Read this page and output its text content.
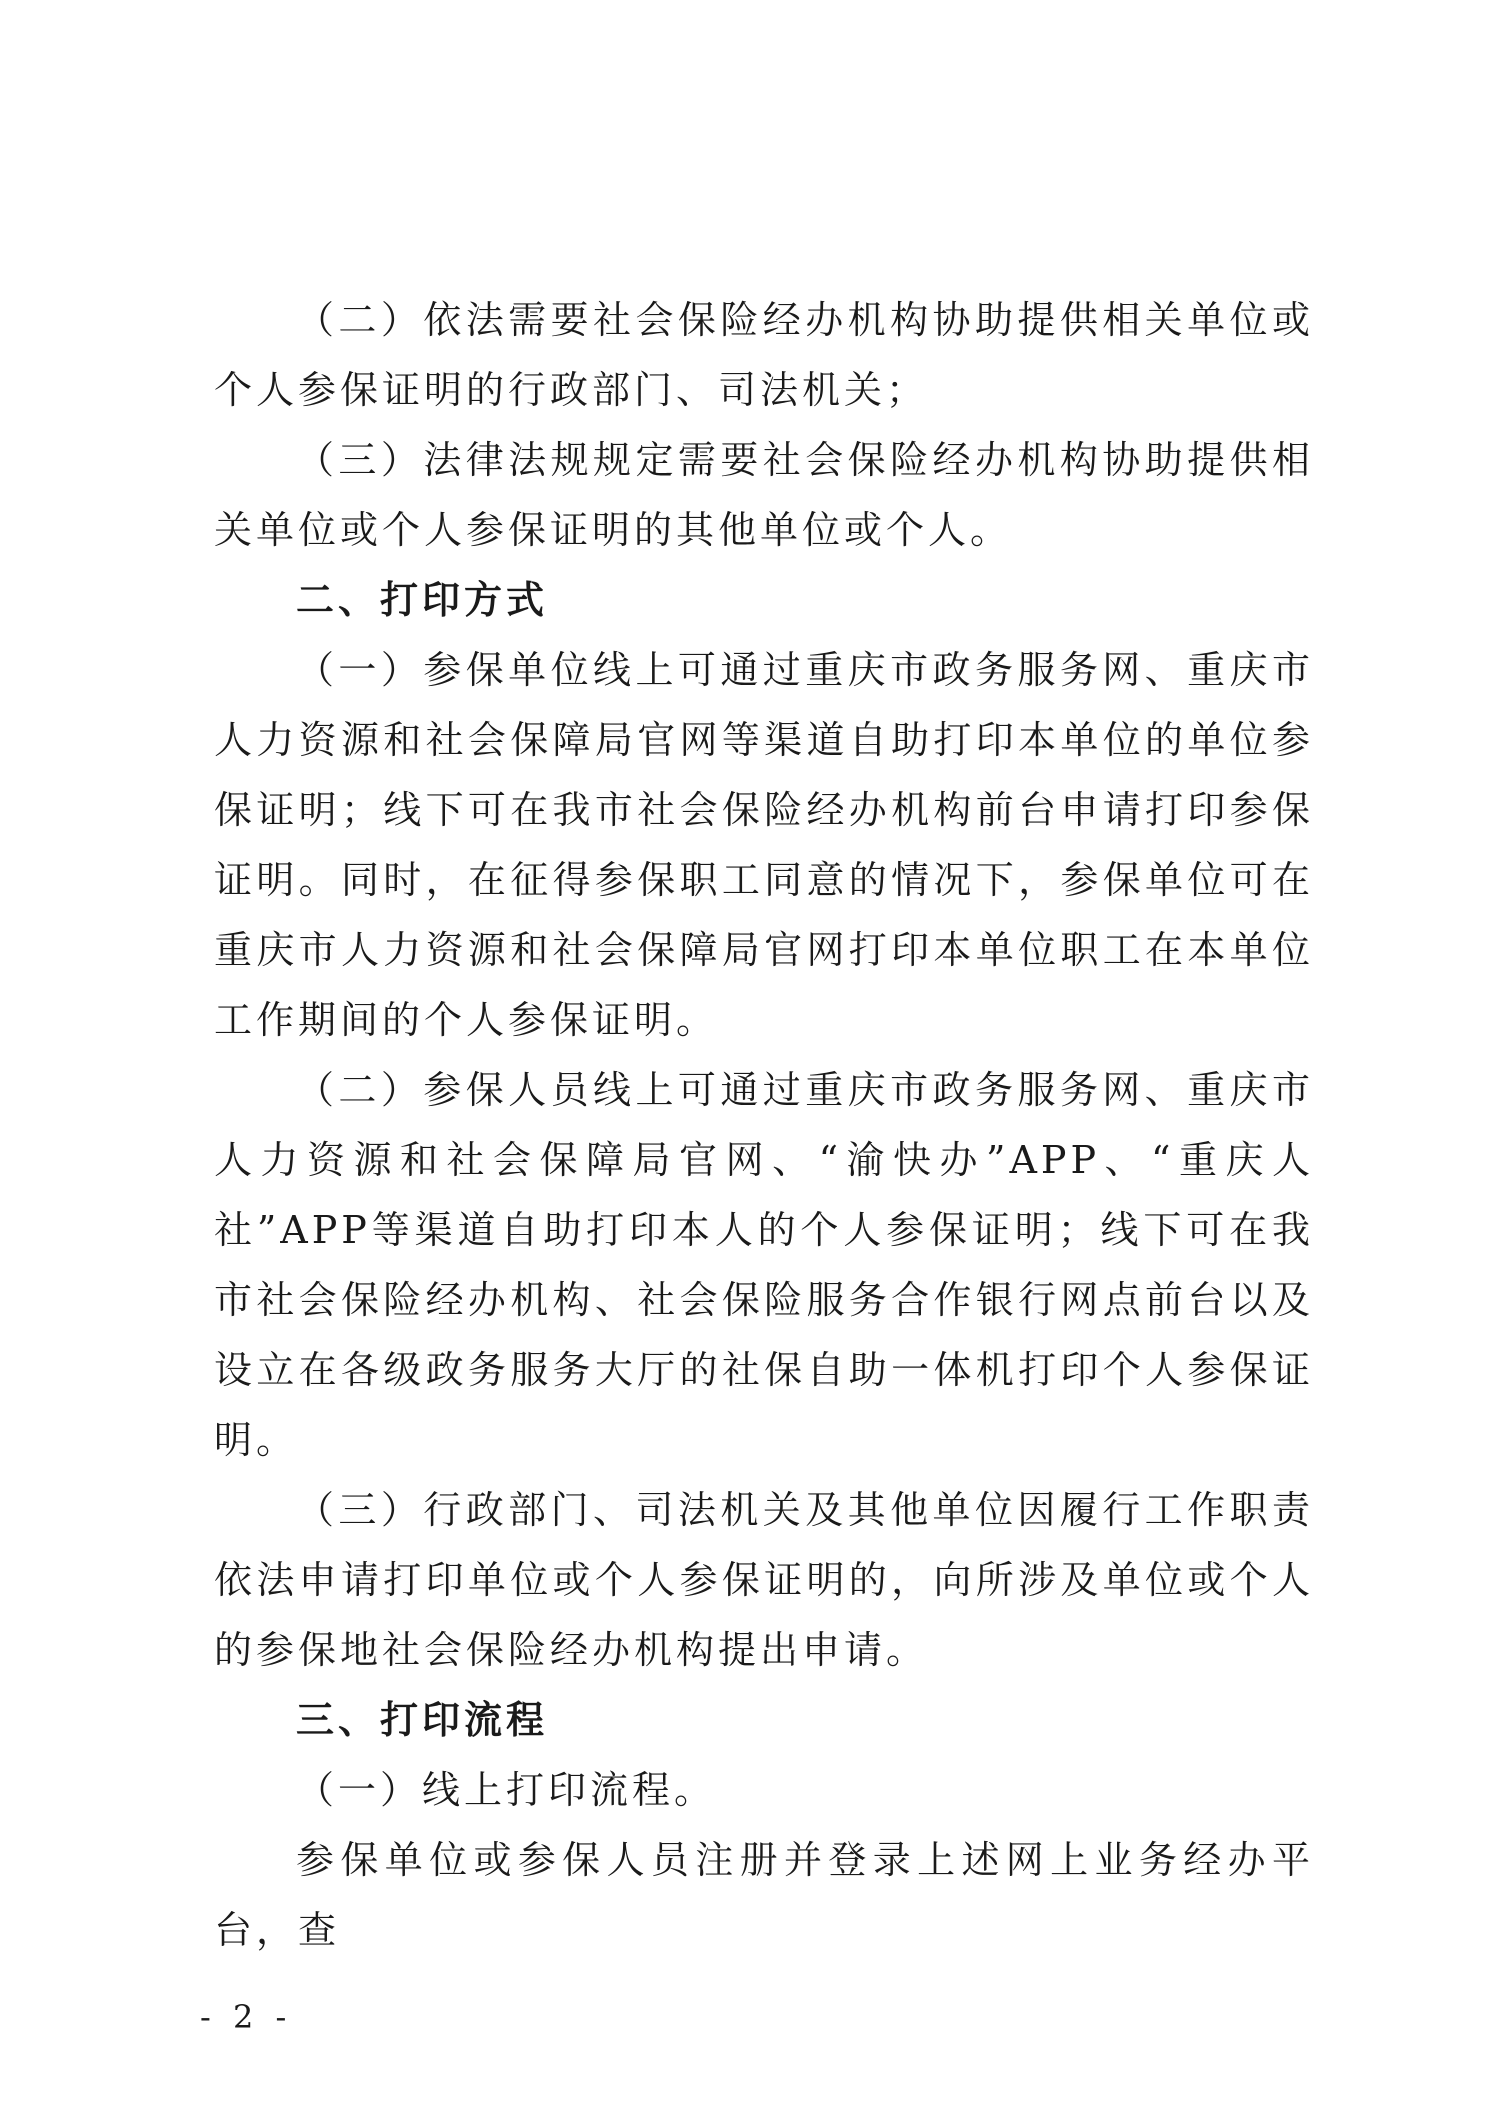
（二）依法需要社会保险经办机构协助提供相关单位或个人参保证明的行政部门、司法机关；

（三）法律法规规定需要社会保险经办机构协助提供相关单位或个人参保证明的其他单位或个人。

二、打印方式

（一）参保单位线上可通过重庆市政务服务网、重庆市人力资源和社会保障局官网等渠道自助打印本单位的单位参保证明；线下可在我市社会保险经办机构前台申请打印参保证明。同时，在征得参保职工同意的情况下，参保单位可在重庆市人力资源和社会保障局官网打印本单位职工在本单位工作期间的个人参保证明。

（二）参保人员线上可通过重庆市政务服务网、重庆市人力资源和社会保障局官网、“渝快办”APP、“重庆人社”APP等渠道自助打印本人的个人参保证明；线下可在我市社会保险经办机构、社会保险服务合作银行网点前台以及设立在各级政务服务大厅的社保自助一体机打印个人参保证明。

（三）行政部门、司法机关及其他单位因履行工作职责依法申请打印单位或个人参保证明的，向所涉及单位或个人的参保地社会保险经办机构提出申请。

三、打印流程

（一）线上打印流程。

参保单位或参保人员注册并登录上述网上业务经办平台，查

- 2 -
